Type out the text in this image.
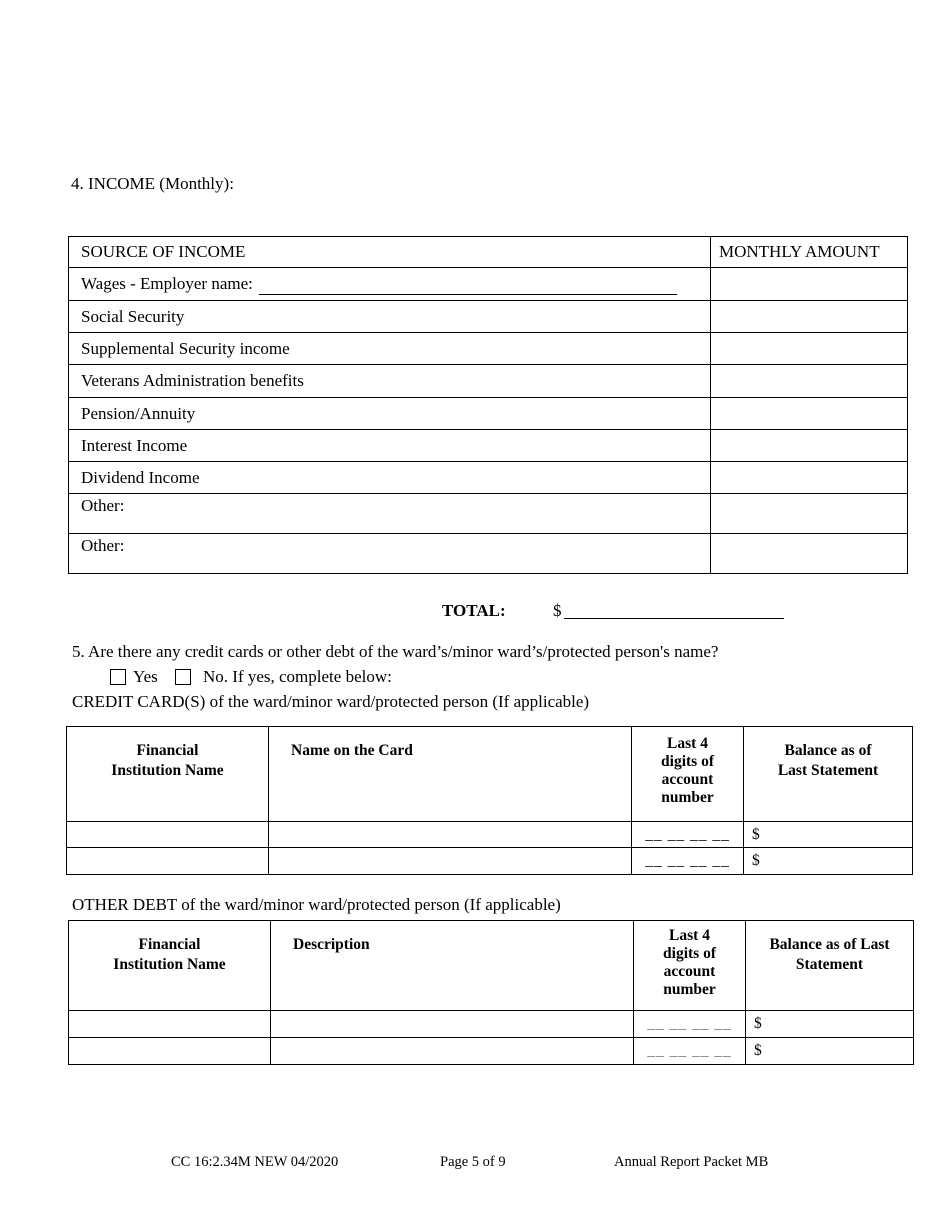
4. INCOME (Monthly):
SOURCE OF INCOME	MONTHLY AMOUNT
Wages - Employer name:	
Social Security	
Supplemental Security income	
Veterans Administration benefits	
Pension/Annuity	
Interest Income	
Dividend Income	
Other:	
Other:	
TOTAL:	$
5. Are there any credit cards or other debt of the ward’s/minor ward’s/protected person's name?
Yes	No. If yes, complete below:
CREDIT CARD(S) of the ward/minor ward/protected person (If applicable)
Financial
Institution Name	Name on the Card	Last 4
digits of
account
number	Balance as of
Last Statement
		__ __ __ __	$
		__ __ __ __	$
OTHER DEBT of the ward/minor ward/protected person (If applicable)
Financial
Institution Name	Description	Last 4
digits of
account
number	Balance as of Last
Statement
		__ __ __ __	$
		__ __ __ __	$
CC 16:2.34M NEW 04/2020	Page 5 of 9	Annual Report Packet MB
